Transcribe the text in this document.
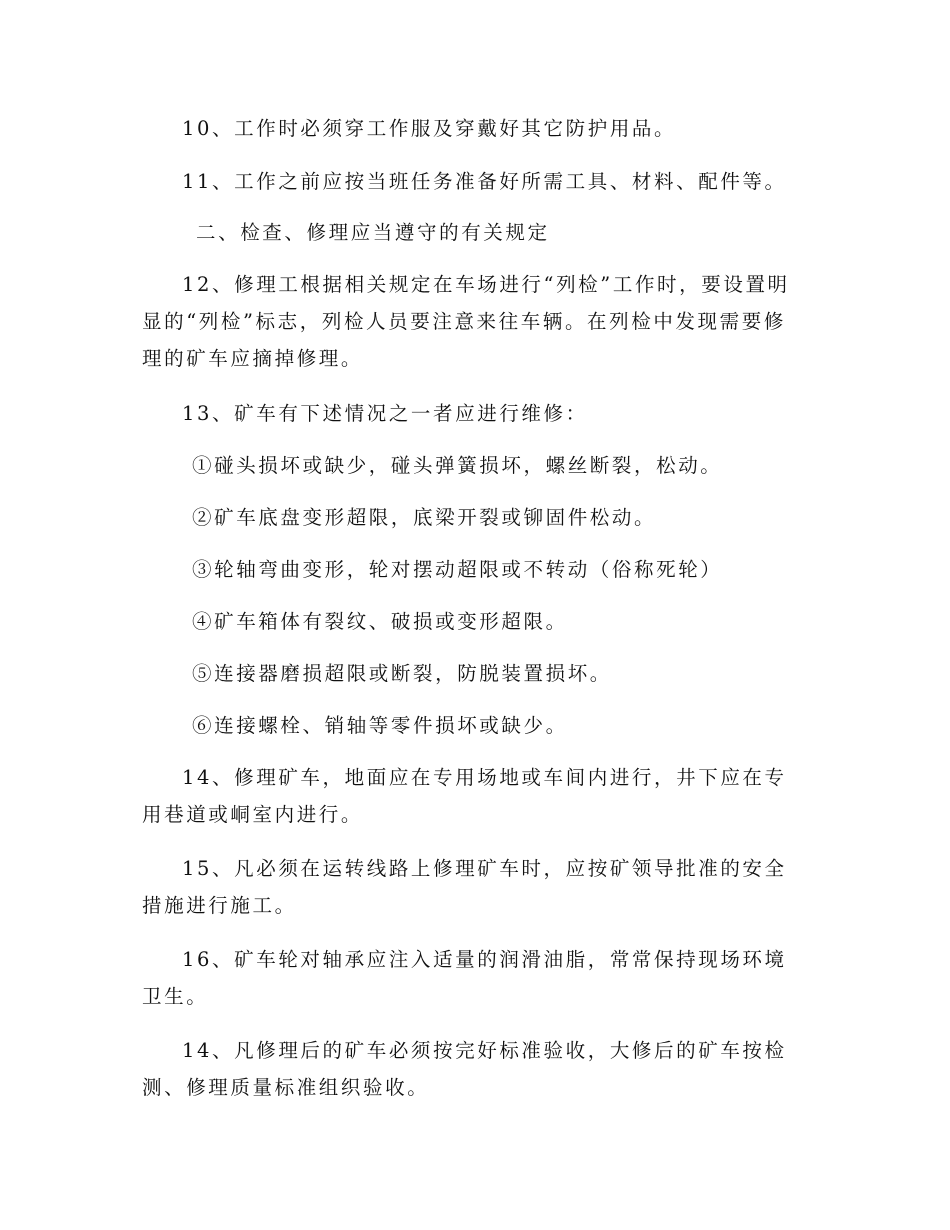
10、工作时必须穿工作服及穿戴好其它防护用品。

11、工作之前应按当班任务准备好所需工具、材料、配件等。

二、检查、修理应当遵守的有关规定

12、修理工根据相关规定在车场进行“列检”工作时，要设置明显的“列检”标志，列检人员要注意来往车辆。在列检中发现需要修理的矿车应摘掉修理。

13、矿车有下述情况之一者应进行维修：

①碰头损坏或缺少，碰头弹簧损坏，螺丝断裂，松动。

②矿车底盘变形超限，底梁开裂或铆固件松动。

③轮轴弯曲变形，轮对摆动超限或不转动（俗称死轮）

④矿车箱体有裂纹、破损或变形超限。

⑤连接器磨损超限或断裂，防脱装置损坏。

⑥连接螺栓、销轴等零件损坏或缺少。

14、修理矿车，地面应在专用场地或车间内进行，井下应在专用巷道或峒室内进行。

15、凡必须在运转线路上修理矿车时，应按矿领导批准的安全措施进行施工。

16、矿车轮对轴承应注入适量的润滑油脂，常常保持现场环境卫生。

14、凡修理后的矿车必须按完好标准验收，大修后的矿车按检测、修理质量标准组织验收。
